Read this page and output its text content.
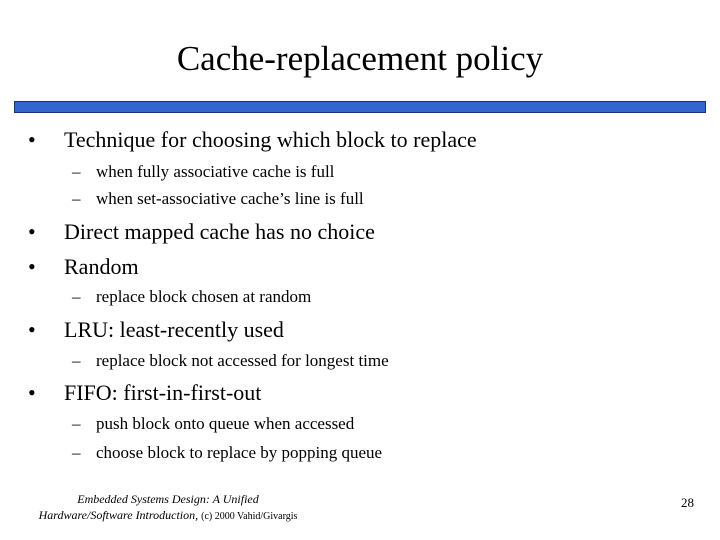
Cache-replacement policy
• Technique for choosing which block to replace
– when fully associative cache is full
– when set-associative cache’s line is full
• Direct mapped cache has no choice
• Random
– replace block chosen at random
• LRU: least-recently used
– replace block not accessed for longest time
• FIFO: first-in-first-out
– push block onto queue when accessed
– choose block to replace by popping queue
Embedded Systems Design: A Unified
Hardware/Software Introduction, (c) 2000 Vahid/Givargis
28
